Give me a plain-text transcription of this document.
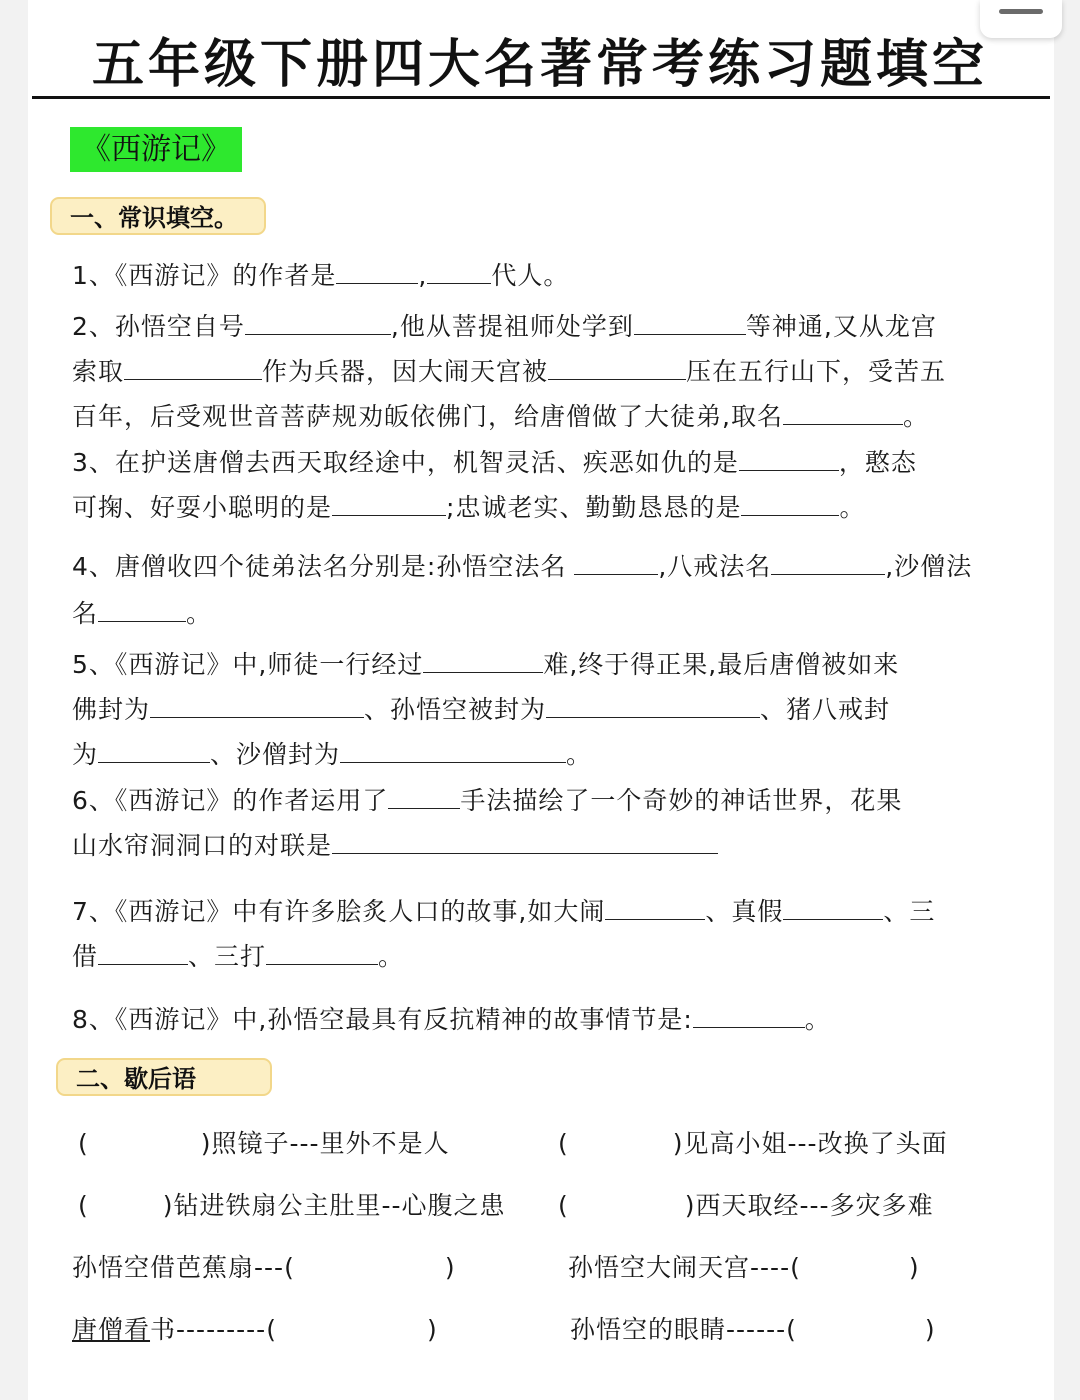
五年级下册四大名著常考练习题填空
《西游记》
一、常识填空。
1、《西游记》的作者是	,	代人。
2、孙悟空自号	,他从菩提祖师处学到	等神通,又从龙宫
索取	作为兵器，因大闹天宫被	压在五行山下，受苦五
百年，后受观世音菩萨规劝皈依佛门，给唐僧做了大徒弟,取名	。
3、在护送唐僧去西天取经途中，机智灵活、疾恶如仇的是	，憨态
可掬、好耍小聪明的是	;忠诚老实、勤勤恳恳的是	。
4、唐僧收四个徒弟法名分别是:孙悟空法名	,八戒法名	,沙僧法
名	。
5、《西游记》中,师徒一行经过	难,终于得正果,最后唐僧被如来
佛封为	、孙悟空被封为	、猪八戒封
为	、沙僧封为	。
6、《西游记》的作者运用了	手法描绘了一个奇妙的神话世界，花果
山水帘洞洞口的对联是
7、《西游记》中有许多脍炙人口的故事,如大闹	、真假	、三
借	、三打	。
8、《西游记》中,孙悟空最具有反抗精神的故事情节是:	。
二、歇后语
(	)照镜子---里外不是人	(	)见高小姐---改换了头面
(	)钻进铁扇公主肚里--心腹之患 (	)西天取经---多灾多难
孙悟空借芭蕉扇---(	)	孙悟空大闹天宫----(	)
唐僧看书---------(	)	孙悟空的眼睛------(	)
